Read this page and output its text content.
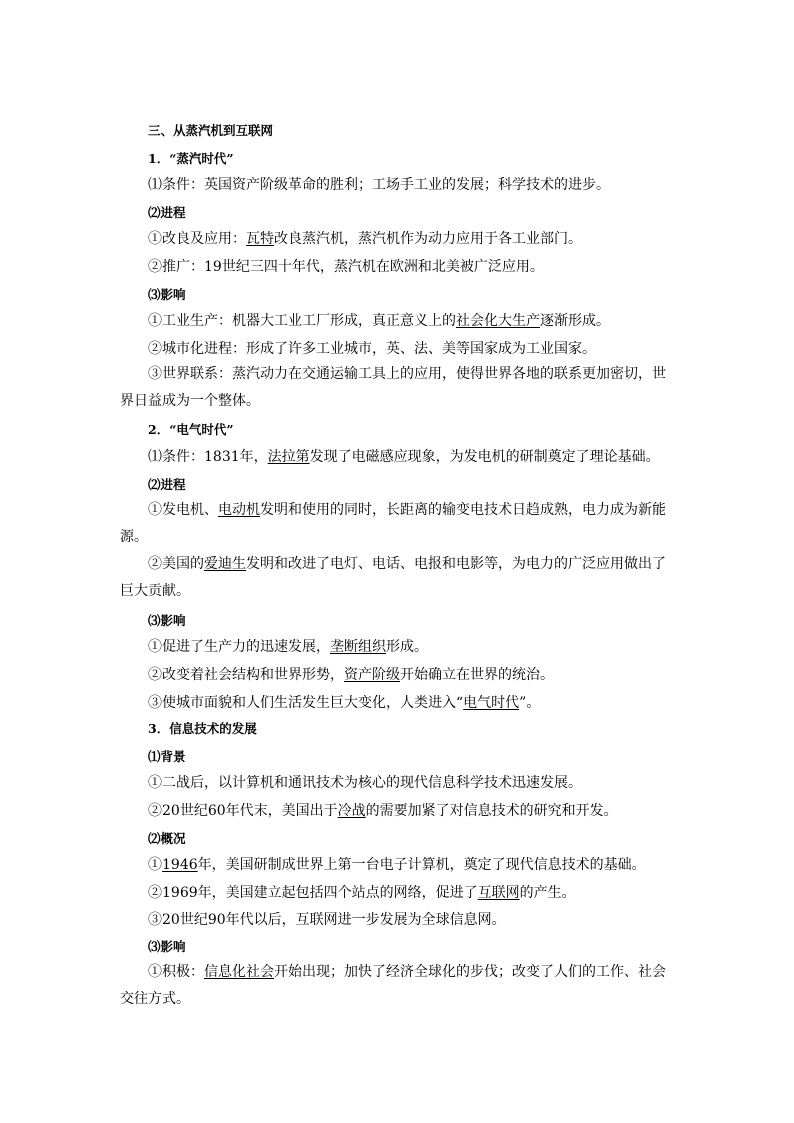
三、从蒸汽机到互联网
1．“蒸汽时代”
⑴条件：英国资产阶级革命的胜利；工场手工业的发展；科学技术的进步。
⑵进程
①改良及应用：瓦特改良蒸汽机，蒸汽机作为动力应用于各工业部门。
②推广：19世纪三四十年代，蒸汽机在欧洲和北美被广泛应用。
⑶影响
①工业生产：机器大工业工厂形成，真正意义上的社会化大生产逐渐形成。
②城市化进程：形成了许多工业城市，英、法、美等国家成为工业国家。
③世界联系：蒸汽动力在交通运输工具上的应用，使得世界各地的联系更加密切，世界日益成为一个整体。
2．“电气时代”
⑴条件：1831年，法拉第发现了电磁感应现象，为发电机的研制奠定了理论基础。
⑵进程
①发电机、电动机发明和使用的同时，长距离的输变电技术日趋成熟，电力成为新能源。
②美国的爱迪生发明和改进了电灯、电话、电报和电影等，为电力的广泛应用做出了巨大贡献。
⑶影响
①促进了生产力的迅速发展，垄断组织形成。
②改变着社会结构和世界形势，资产阶级开始确立在世界的统治。
③使城市面貌和人们生活发生巨大变化，人类进入“电气时代”。
3．信息技术的发展
⑴背景
①二战后，以计算机和通讯技术为核心的现代信息科学技术迅速发展。
②20世纪60年代末，美国出于冷战的需要加紧了对信息技术的研究和开发。
⑵概况
①1946年，美国研制成世界上第一台电子计算机，奠定了现代信息技术的基础。
②1969年，美国建立起包括四个站点的网络，促进了互联网的产生。
③20世纪90年代以后，互联网进一步发展为全球信息网。
⑶影响
①积极：信息化社会开始出现；加快了经济全球化的步伐；改变了人们的工作、社会交往方式。
